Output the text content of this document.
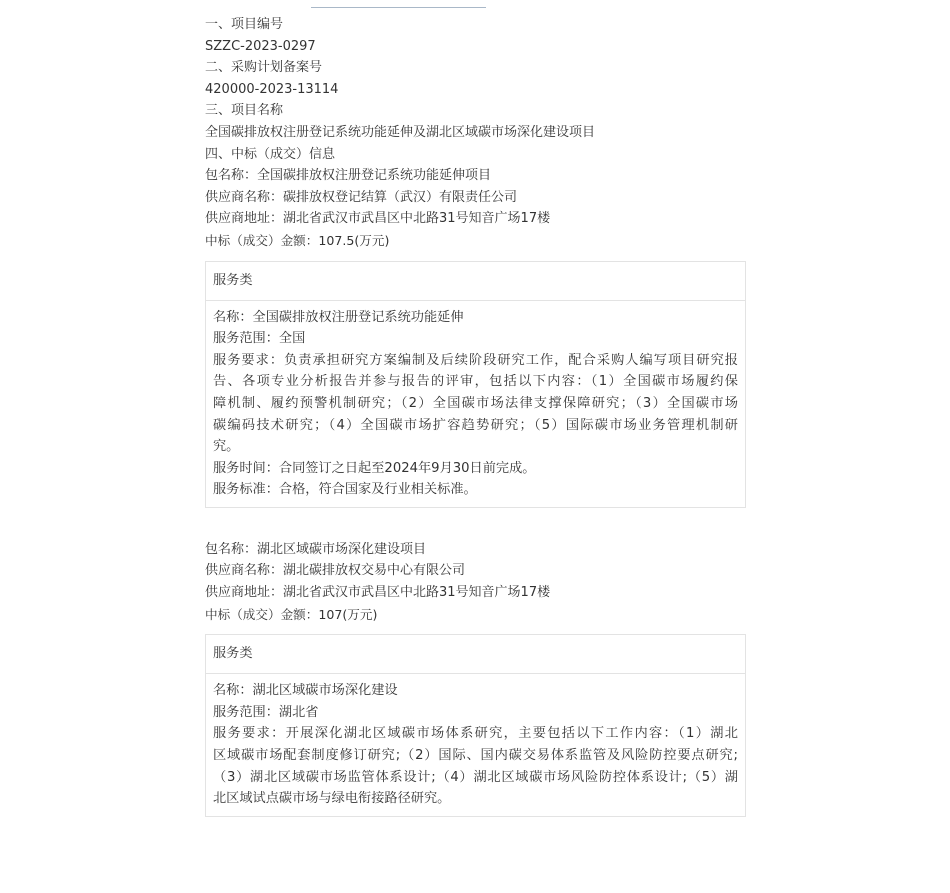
一、项目编号
SZZC-2023-0297
二、采购计划备案号
420000-2023-13114
三、项目名称
全国碳排放权注册登记系统功能延伸及湖北区域碳市场深化建设项目
四、中标（成交）信息
包名称：全国碳排放权注册登记系统功能延伸项目
供应商名称：碳排放权登记结算（武汉）有限责任公司
供应商地址：湖北省武汉市武昌区中北路31号知音广场17楼
中标（成交）金额：107.5(万元)
服务类
名称：全国碳排放权注册登记系统功能延伸
服务范围：全国
服务要求：负责承担研究方案编制及后续阶段研究工作，配合采购人编写项目研究报
告、各项专业分析报告并参与报告的评审，包括以下内容：（1）全国碳市场履约保
障机制、履约预警机制研究；（2）全国碳市场法律支撑保障研究；（3）全国碳市场
碳编码技术研究；（4）全国碳市场扩容趋势研究；（5）国际碳市场业务管理机制研
究。
服务时间：合同签订之日起至2024年9月30日前完成。
服务标准：合格，符合国家及行业相关标准。
包名称：湖北区域碳市场深化建设项目
供应商名称：湖北碳排放权交易中心有限公司
供应商地址：湖北省武汉市武昌区中北路31号知音广场17楼
中标（成交）金额：107(万元)
服务类
名称：湖北区域碳市场深化建设
服务范围：湖北省
服务要求：开展深化湖北区域碳市场体系研究，主要包括以下工作内容：（1）湖北
区域碳市场配套制度修订研究;（2）国际、国内碳交易体系监管及风险防控要点研究;
（3）湖北区域碳市场监管体系设计;（4）湖北区域碳市场风险防控体系设计;（5）湖
北区域试点碳市场与绿电衔接路径研究。
